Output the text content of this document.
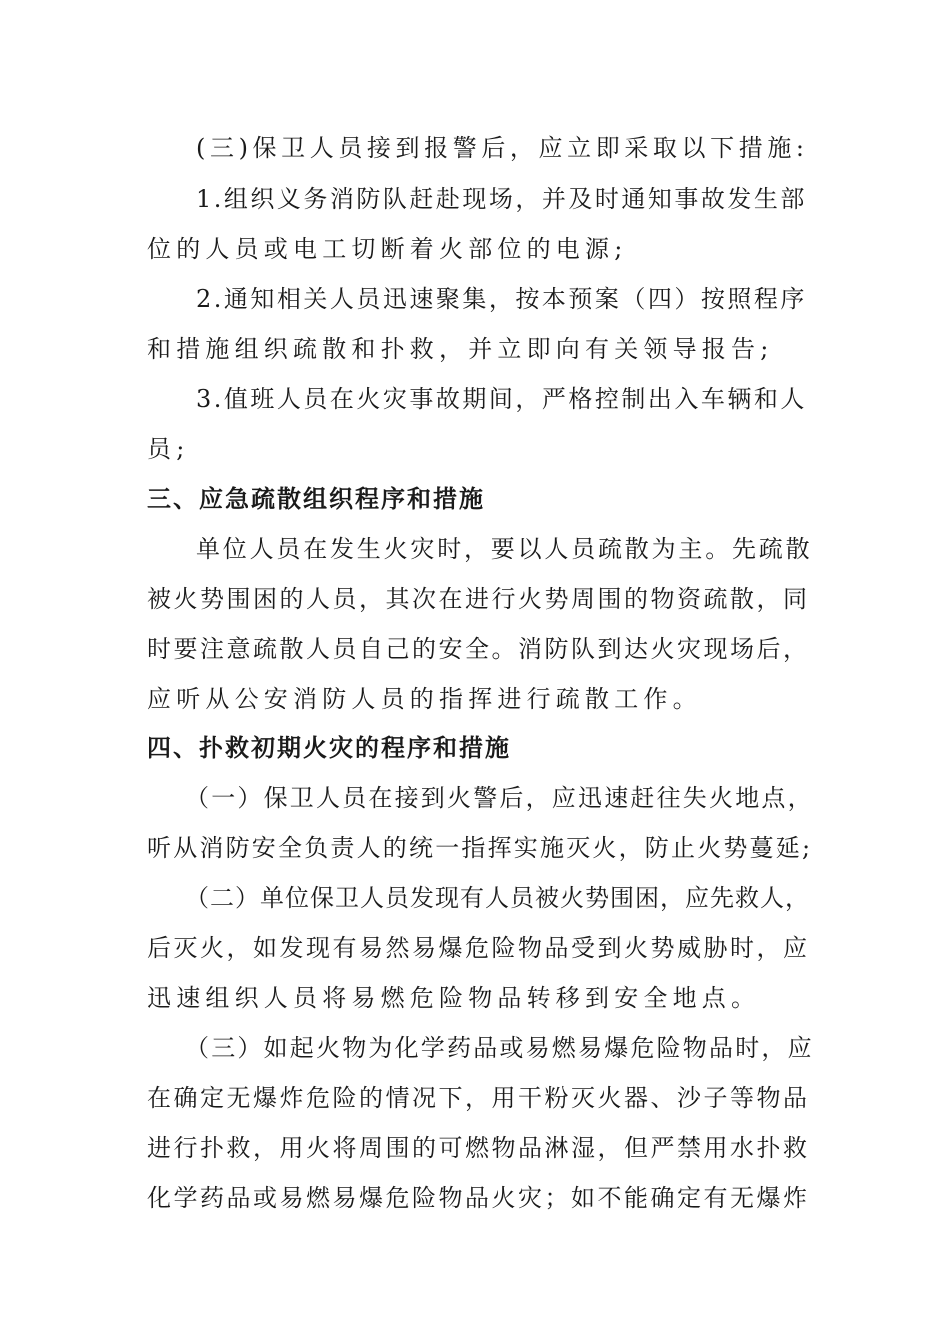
(三)保卫人员接到报警后，应立即采取以下措施:
1.组织义务消防队赶赴现场，并及时通知事故发生部
位的人员或电工切断着火部位的电源;
2.通知相关人员迅速聚集，按本预案（四）按照程序
和措施组织疏散和扑救，并立即向有关领导报告;
3.值班人员在火灾事故期间，严格控制出入车辆和人
员;
三、应急疏散组织程序和措施
单位人员在发生火灾时，要以人员疏散为主。先疏散
被火势围困的人员，其次在进行火势周围的物资疏散，同
时要注意疏散人员自己的安全。消防队到达火灾现场后，
应听从公安消防人员的指挥进行疏散工作。
四、扑救初期火灾的程序和措施
（一）保卫人员在接到火警后，应迅速赶往失火地点，
听从消防安全负责人的统一指挥实施灭火，防止火势蔓延;
（二）单位保卫人员发现有人员被火势围困，应先救人，
后灭火，如发现有易然易爆危险物品受到火势威胁时，应
迅速组织人员将易燃危险物品转移到安全地点。
（三）如起火物为化学药品或易燃易爆危险物品时，应
在确定无爆炸危险的情况下，用干粉灭火器、沙子等物品
进行扑救，用火将周围的可燃物品淋湿，但严禁用水扑救
化学药品或易燃易爆危险物品火灾；如不能确定有无爆炸
